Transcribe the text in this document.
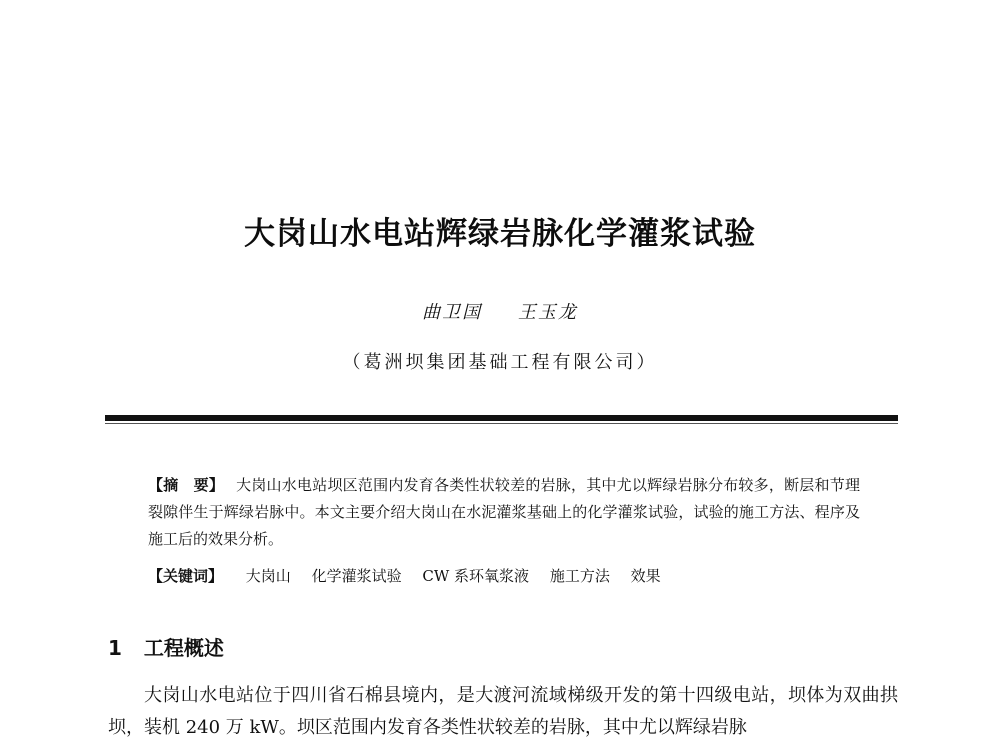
大岗山水电站辉绿岩脉化学灌浆试验
曲卫国 王玉龙
（葛洲坝集团基础工程有限公司）
【摘　要】 大岗山水电站坝区范围内发育各类性状较差的岩脉，其中尤以辉绿岩脉分布较多，断层和节理裂隙伴生于辉绿岩脉中。本文主要介绍大岗山在水泥灌浆基础上的化学灌浆试验，试验的施工方法、程序及施工后的效果分析。
【关键词】 大岗山 化学灌浆试验 CW 系环氧浆液 施工方法 效果
1 工程概述
大岗山水电站位于四川省石棉县境内，是大渡河流域梯级开发的第十四级电站，坝体为双曲拱坝，装机 240 万 kW。坝区范围内发育各类性状较差的岩脉，其中尤以辉绿岩脉
